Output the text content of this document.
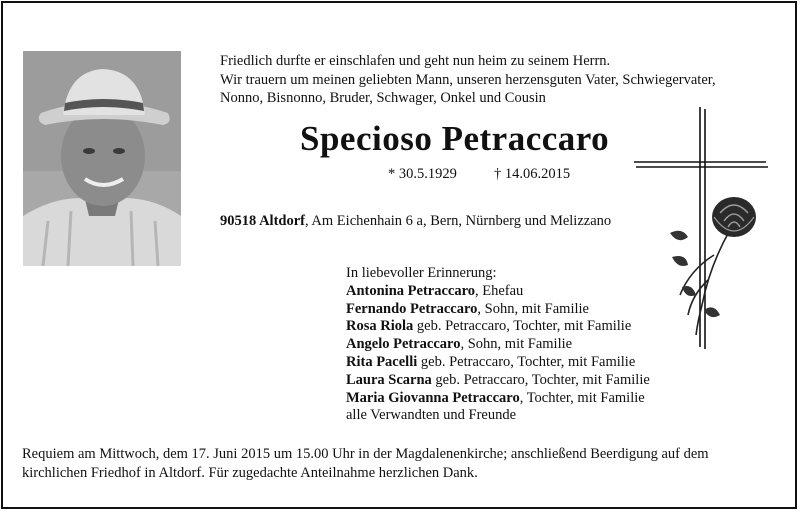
Friedlich durfte er einschlafen und geht nun heim zu seinem Herrn.

Wir trauern um meinen geliebten Mann, unseren herzensguten Vater, Schwiegervater,

Nonno, Bisnonno, Bruder, Schwager, Onkel und Cousin

Specioso Petraccaro
* 30.5.1929	† 14.06.2015
90518 Altdorf, Am Eichenhain 6 a, Bern, Nürnberg und Melizzano
In liebevoller Erinnerung:
Antonina Petraccaro, Ehefau
Fernando Petraccaro, Sohn, mit Familie
Rosa Riola geb. Petraccaro, Tochter, mit Familie
Angelo Petraccaro, Sohn, mit Familie
Rita Pacelli geb. Petraccaro, Tochter, mit Familie
Laura Scarna geb. Petraccaro, Tochter, mit Familie
Maria Giovanna Petraccaro, Tochter, mit Familie
alle Verwandten und Freunde

Requiem am Mittwoch, dem 17. Juni 2015 um 15.00 Uhr in der Magdalenenkirche; anschließend Beerdigung auf dem

kirchlichen Friedhof in Altdorf. Für zugedachte Anteilnahme herzlichen Dank.
